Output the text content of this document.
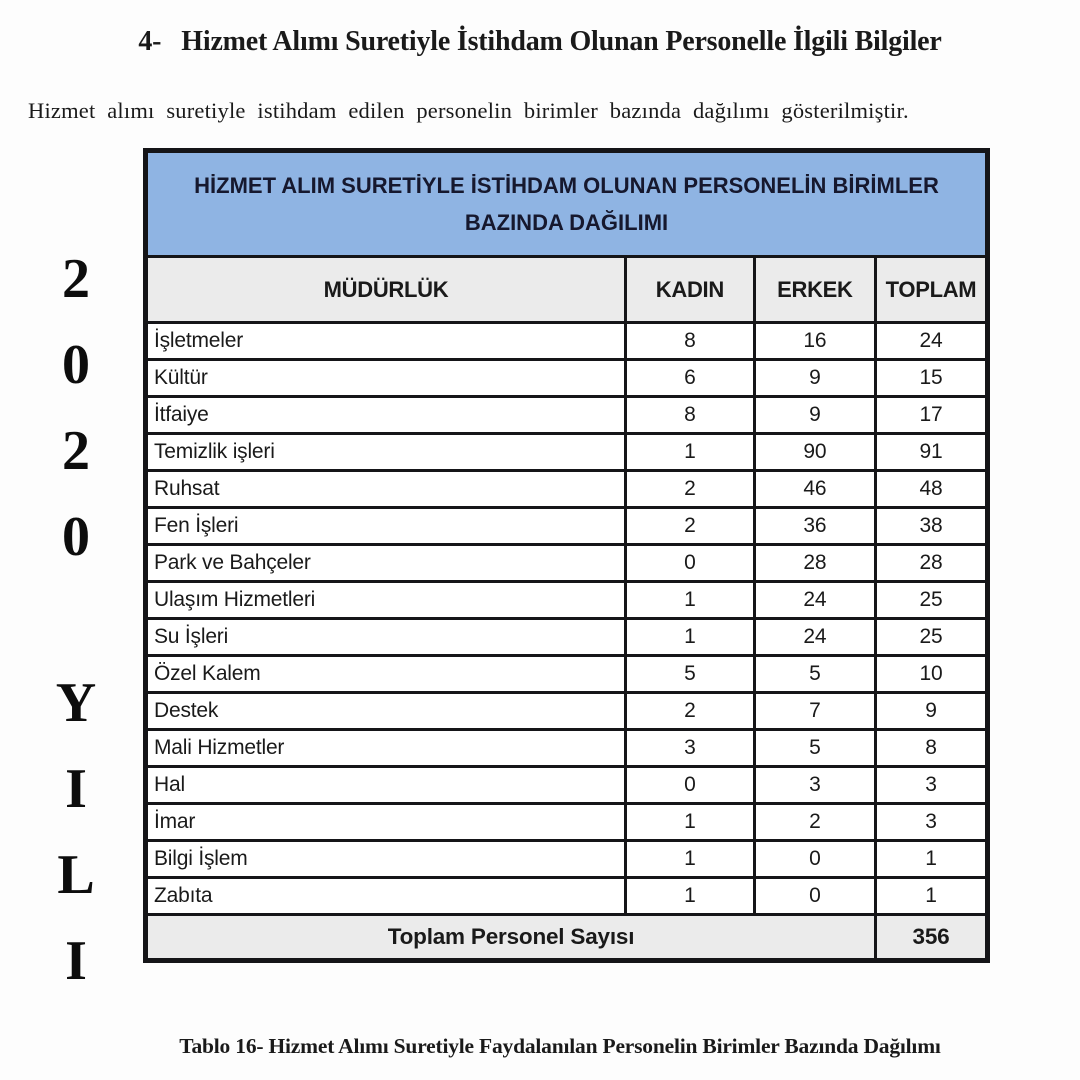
4- Hizmet Alımı Suretiyle İstihdam Olunan Personelle İlgili Bilgiler
Hizmet alımı suretiyle istihdam edilen personelin birimler bazında dağılımı gösterilmiştir.
2
0
2
0
Y
I
L
I
HİZMET ALIM SURETİYLE İSTİHDAM OLUNAN PERSONELİN BİRİMLER
BAZINDA DAĞILIMI			

MÜDÜRLÜK	KADIN	ERKEK	TOPLAM
İşletmeler	8	16	24
Kültür	6	9	15
İtfaiye	8	9	17
Temizlik işleri	1	90	91
Ruhsat	2	46	48
Fen İşleri	2	36	38
Park ve Bahçeler	0	28	28
Ulaşım Hizmetleri	1	24	25
Su İşleri	1	24	25
Özel Kalem	5	5	10
Destek	2	7	9
Mali Hizmetler	3	5	8
Hal	0	3	3
İmar	1	2	3
Bilgi İşlem	1	0	1
Zabıta	1	0	1
Toplam Personel Sayısı			356
Tablo 16- Hizmet Alımı Suretiyle Faydalanılan Personelin Birimler Bazında Dağılımı
